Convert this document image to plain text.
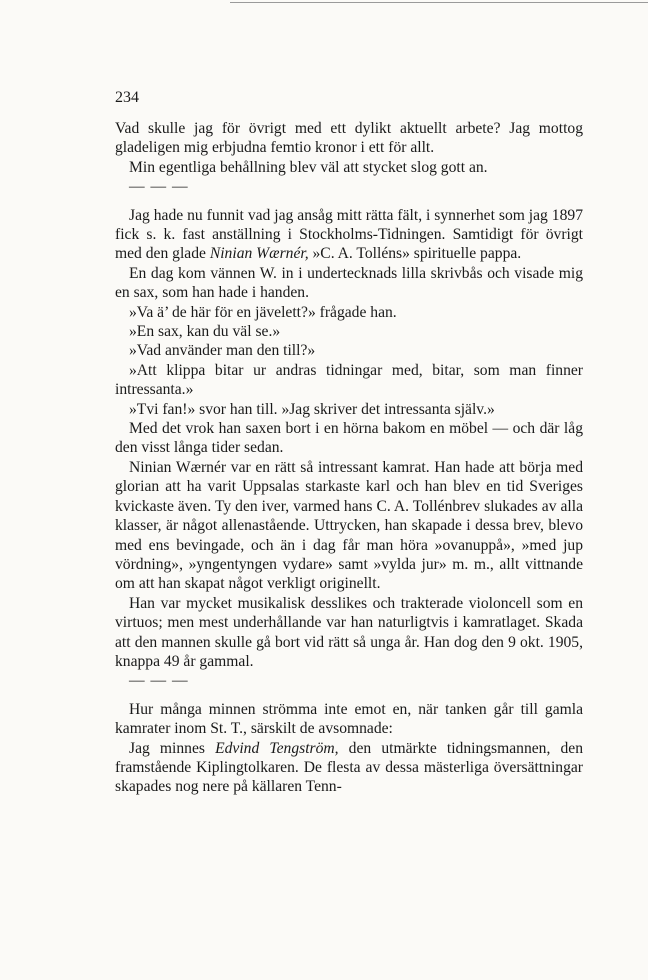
234

Vad skulle jag för övrigt med ett dylikt aktuellt arbete? Jag mottog gladeligen mig erbjudna femtio kronor i ett för allt.

Min egentliga behållning blev väl att stycket slog gott an.

— — —

Jag hade nu funnit vad jag ansåg mitt rätta fält, i synnerhet som jag 1897 fick s. k. fast anställning i Stockholms-Tidningen. Samtidigt för övrigt med den glade Ninian Wærnér, »C. A. Tolléns» spirituelle pappa.

En dag kom vännen W. in i undertecknads lilla skrivbås och visade mig en sax, som han hade i handen.

»Va ä’ de här för en jävelett?» frågade han.

»En sax, kan du väl se.»

»Vad använder man den till?»

»Att klippa bitar ur andras tidningar med, bitar, som man finner intressanta.»

»Tvi fan!» svor han till. »Jag skriver det intressanta själv.»

Med det vrok han saxen bort i en hörna bakom en möbel — och där låg den visst långa tider sedan.

Ninian Wærnér var en rätt så intressant kamrat. Han hade att börja med glorian att ha varit Uppsalas starkaste karl och han blev en tid Sveriges kvickaste även. Ty den iver, varmed hans C. A. Tollénbrev slukades av alla klasser, är något allenastående. Uttrycken, han skapade i dessa brev, blevo med ens bevingade, och än i dag får man höra »ovanuppå», »med jup vördning», »yngentyngen vydare» samt »vylda jur» m. m., allt vittnande om att han skapat något verkligt originellt.

Han var mycket musikalisk desslikes och trakterade violoncell som en virtuos; men mest underhållande var han naturligtvis i kamratlaget. Skada att den mannen skulle gå bort vid rätt så unga år. Han dog den 9 okt. 1905, knappa 49 år gammal.

— — —

Hur många minnen strömma inte emot en, när tanken går till gamla kamrater inom St. T., särskilt de avsomnade:

Jag minnes Edvind Tengström, den utmärkte tidningsmannen, den framstående Kiplingtolkaren. De flesta av dessa mästerliga översättningar skapades nog nere på källaren Tenn-
